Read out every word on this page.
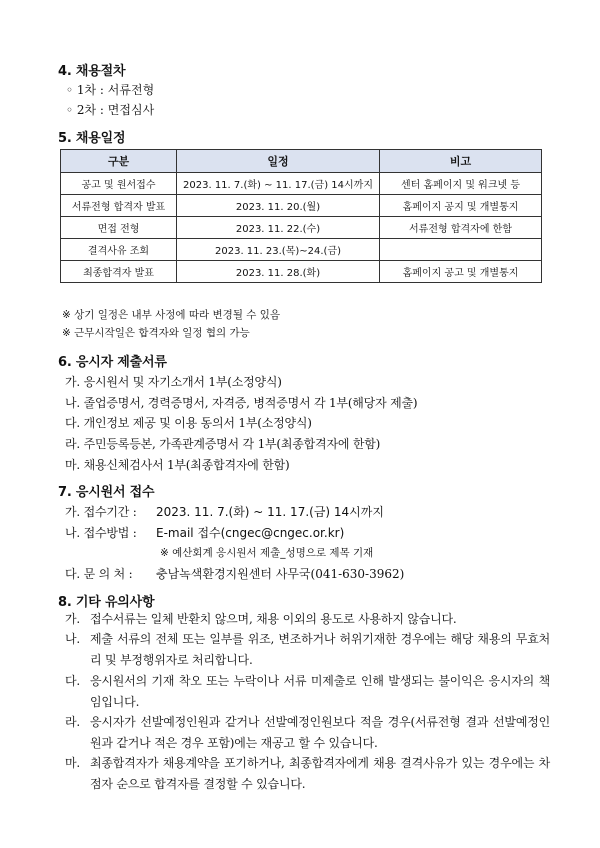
4. 채용절차
◦ 1차 : 서류전형
◦ 2차 : 면접심사
5. 채용일정
구분	일정	비고
공고 및 원서접수	2023. 11. 7.(화) ~ 11. 17.(금) 14시까지	센터 홈페이지 및 워크넷 등
서류전형 합격자 발표	2023. 11. 20.(월)	홈페이지 공지 및 개별통지
면접 전형	2023. 11. 22.(수)	서류전형 합격자에 한함
결격사유 조회	2023. 11. 23.(목)~24.(금)	
최종합격자 발표	2023. 11. 28.(화)	홈페이지 공고 및 개별통지
※ 상기 일정은 내부 사정에 따라 변경될 수 있음
※ 근무시작일은 합격자와 일정 협의 가능
6. 응시자 제출서류
가. 응시원서 및 자기소개서 1부(소정양식)
나. 졸업증명서, 경력증명서, 자격증, 병적증명서 각 1부(해당자 제출)
다. 개인정보 제공 및 이용 동의서 1부(소정양식)
라. 주민등록등본, 가족관계증명서 각 1부(최종합격자에 한함)
마. 채용신체검사서 1부(최종합격자에 한함)
7. 응시원서 접수
가. 접수기간 : 2023. 11. 7.(화) ~ 11. 17.(금) 14시까지
나. 접수방법 : E-mail 접수(cngec@cngec.or.kr)
※ 예산회계 응시원서 제출_성명으로 제목 기재
다. 문 의 처 : 충남녹색환경지원센터 사무국(041-630-3962)
8. 기타 유의사항
가. 접수서류는 일체 반환치 않으며, 채용 이외의 용도로 사용하지 않습니다.
나. 제출 서류의 전체 또는 일부를 위조, 변조하거나 허위기재한 경우에는 해당 채용의 무효처리 및 부정행위자로 처리합니다.
다. 응시원서의 기재 착오 또는 누락이나 서류 미제출로 인해 발생되는 불이익은 응시자의 책임입니다.
라. 응시자가 선발예정인원과 같거나 선발예정인원보다 적을 경우(서류전형 결과 선발예정인원과 같거나 적은 경우 포함)에는 재공고 할 수 있습니다.
마. 최종합격자가 채용계약을 포기하거나, 최종합격자에게 채용 결격사유가 있는 경우에는 차점자 순으로 합격자를 결정할 수 있습니다.
